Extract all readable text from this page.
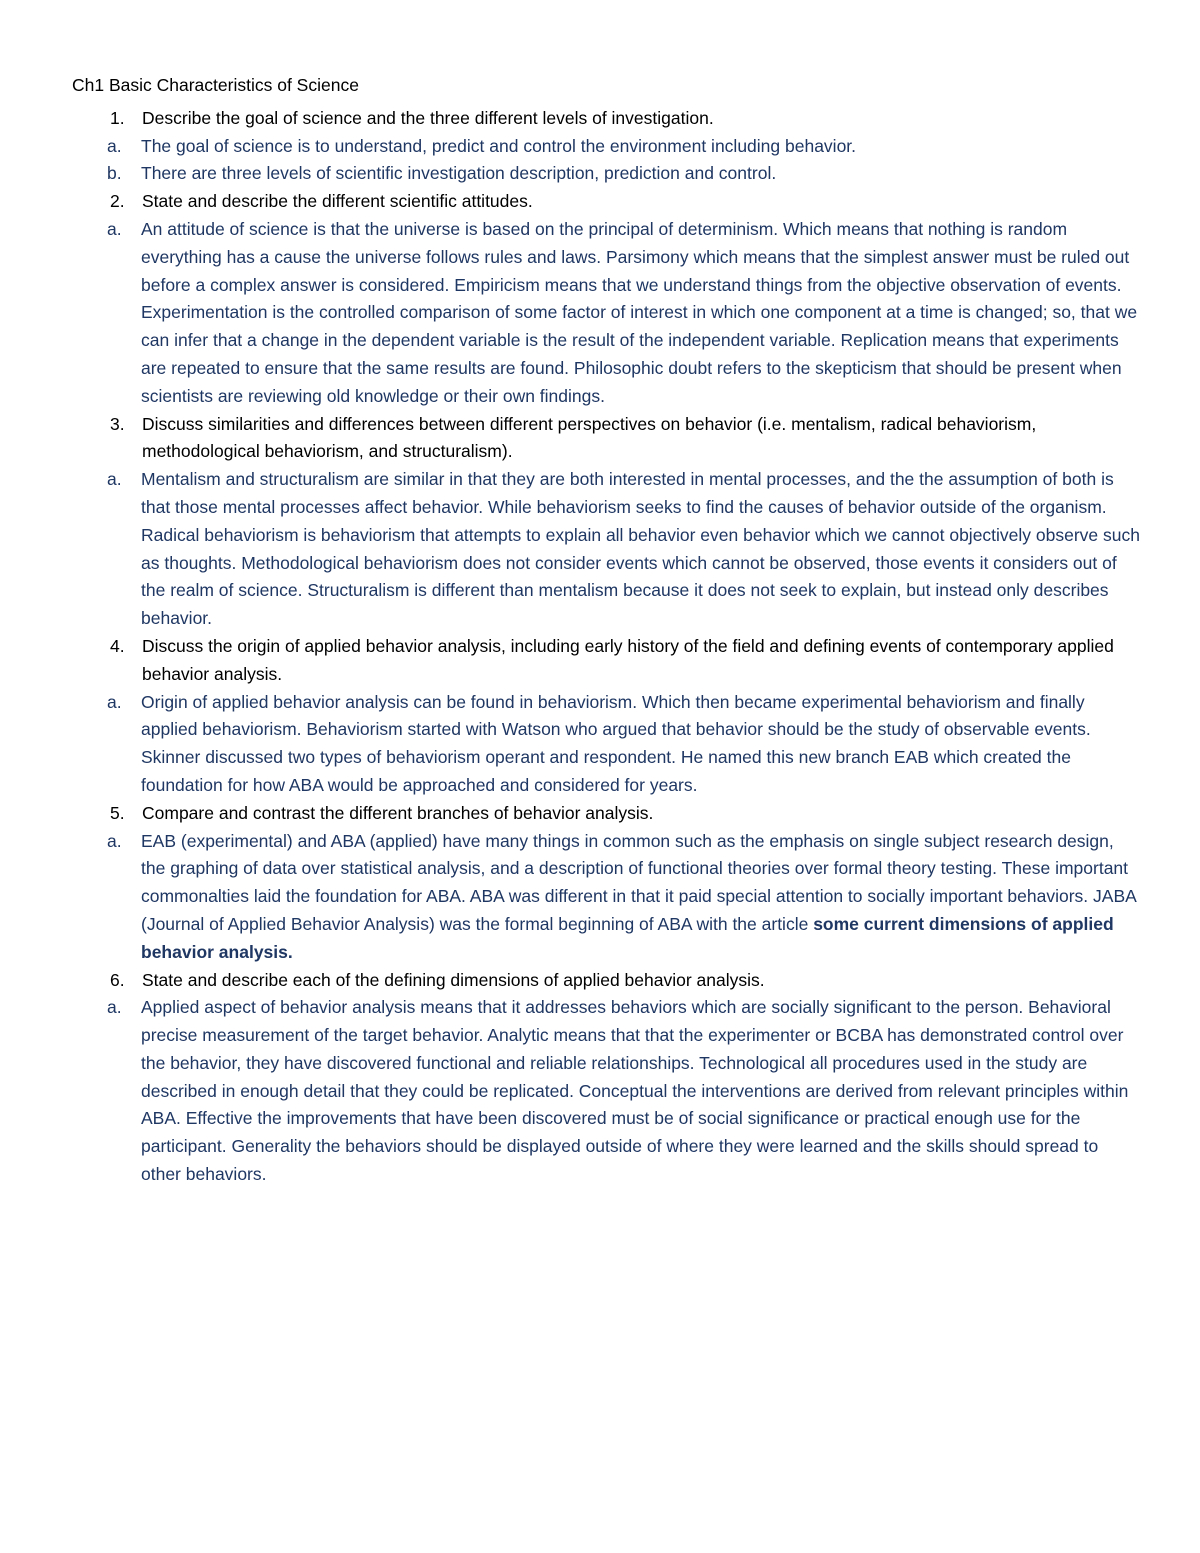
Ch1 Basic Characteristics of Science
1. Describe the goal of science and the three different levels of investigation.
a. The goal of science is to understand, predict and control the environment including behavior.
b. There are three levels of scientific investigation description, prediction and control.
2. State and describe the different scientific attitudes.
a. An attitude of science is that the universe is based on the principal of determinism. Which means that nothing is random everything has a cause the universe follows rules and laws. Parsimony which means that the simplest answer must be ruled out before a complex answer is considered. Empiricism means that we understand things from the objective observation of events. Experimentation is the controlled comparison of some factor of interest in which one component at a time is changed; so, that we can infer that a change in the dependent variable is the result of the independent variable. Replication means that experiments are repeated to ensure that the same results are found. Philosophic doubt refers to the skepticism that should be present when scientists are reviewing old knowledge or their own findings.
3. Discuss similarities and differences between different perspectives on behavior (i.e. mentalism, radical behaviorism, methodological behaviorism, and structuralism).
a. Mentalism and structuralism are similar in that they are both interested in mental processes, and the the assumption of both is that those mental processes affect behavior. While behaviorism seeks to find the causes of behavior outside of the organism. Radical behaviorism is behaviorism that attempts to explain all behavior even behavior which we cannot objectively observe such as thoughts. Methodological behaviorism does not consider events which cannot be observed, those events it considers out of the realm of science. Structuralism is different than mentalism because it does not seek to explain, but instead only describes behavior.
4. Discuss the origin of applied behavior analysis, including early history of the field and defining events of contemporary applied behavior analysis.
a. Origin of applied behavior analysis can be found in behaviorism. Which then became experimental behaviorism and finally applied behaviorism. Behaviorism started with Watson who argued that behavior should be the study of observable events. Skinner discussed two types of behaviorism operant and respondent. He named this new branch EAB which created the foundation for how ABA would be approached and considered for years.
5. Compare and contrast the different branches of behavior analysis.
a. EAB (experimental) and ABA (applied) have many things in common such as the emphasis on single subject research design, the graphing of data over statistical analysis, and a description of functional theories over formal theory testing. These important commonalties laid the foundation for ABA. ABA was different in that it paid special attention to socially important behaviors. JABA (Journal of Applied Behavior Analysis) was the formal beginning of ABA with the article some current dimensions of applied behavior analysis.
6. State and describe each of the defining dimensions of applied behavior analysis.
a. Applied aspect of behavior analysis means that it addresses behaviors which are socially significant to the person. Behavioral precise measurement of the target behavior. Analytic means that that the experimenter or BCBA has demonstrated control over the behavior, they have discovered functional and reliable relationships. Technological all procedures used in the study are described in enough detail that they could be replicated. Conceptual the interventions are derived from relevant principles within ABA. Effective the improvements that have been discovered must be of social significance or practical enough use for the participant. Generality the behaviors should be displayed outside of where they were learned and the skills should spread to other behaviors.
